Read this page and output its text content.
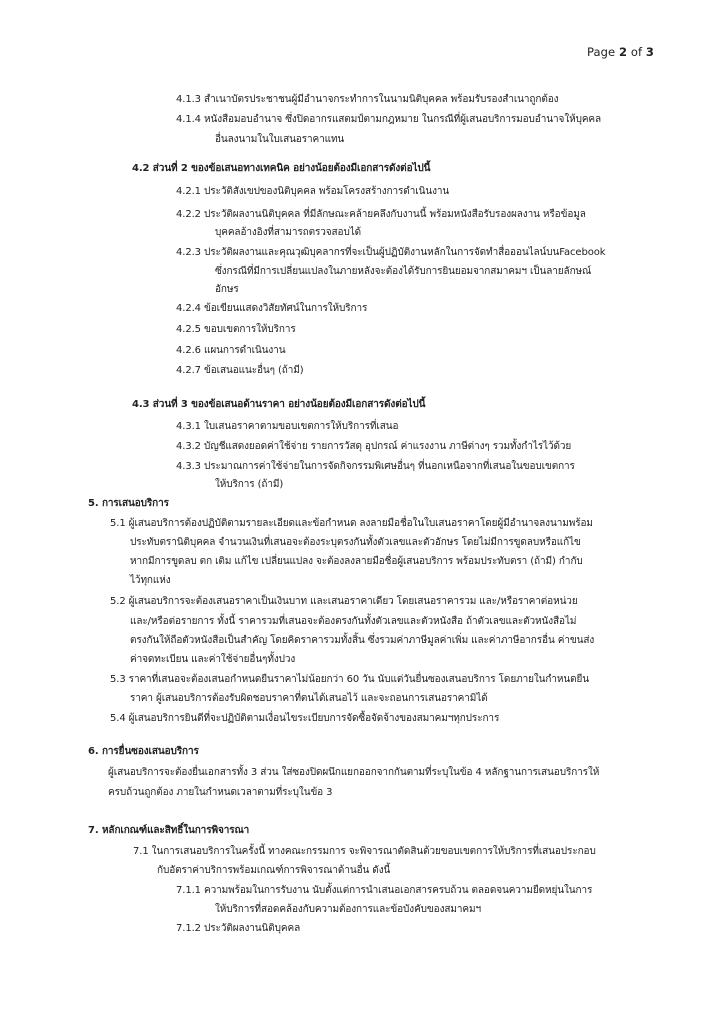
Page 2 of 3
4.1.3 สำเนาบัตรประชาชนผู้มีอำนาจกระทำการในนามนิติบุคคล พร้อมรับรองสำเนาถูกต้อง
4.1.4 หนังสือมอบอำนาจ ซึ่งปิดอากรแสตมป์ตามกฎหมาย ในกรณีที่ผู้เสนอบริการมอบอำนาจให้บุคคล
อื่นลงนามในใบเสนอราคาแทน
4.2 ส่วนที่ 2 ของข้อเสนอทางเทคนิค อย่างน้อยต้องมีเอกสารดังต่อไปนี้
4.2.1 ประวัติสังเขปของนิติบุคคล พร้อมโครงสร้างการดำเนินงาน
4.2.2 ประวัติผลงานนิติบุคคล ที่มีลักษณะคล้ายคลึงกับงานนี้ พร้อมหนังสือรับรองผลงาน หรือข้อมูล
บุคคลอ้างอิงที่สามารถตรวจสอบได้
4.2.3 ประวัติผลงานและคุณวุฒิบุคลากรที่จะเป็นผู้ปฏิบัติงานหลักในการจัดทำสื่อออนไลน์บนFacebook
ซึ่งกรณีที่มีการเปลี่ยนแปลงในภายหลังจะต้องได้รับการยินยอมจากสมาคมฯ เป็นลายลักษณ์
อักษร
4.2.4 ข้อเขียนแสดงวิสัยทัศน์ในการให้บริการ
4.2.5 ขอบเขตการให้บริการ
4.2.6 แผนการดำเนินงาน
4.2.7 ข้อเสนอแนะอื่นๆ (ถ้ามี)
4.3 ส่วนที่ 3 ของข้อเสนอด้านราคา อย่างน้อยต้องมีเอกสารดังต่อไปนี้
4.3.1 ใบเสนอราคาตามขอบเขตการให้บริการที่เสนอ
4.3.2 บัญชีแสดงยอดค่าใช้จ่าย รายการวัสดุ อุปกรณ์ ค่าแรงงาน ภาษีต่างๆ รวมทั้งกำไรไว้ด้วย
4.3.3 ประมาณการค่าใช้จ่ายในการจัดกิจกรรมพิเศษอื่นๆ ที่นอกเหนือจากที่เสนอในขอบเขตการ
ให้บริการ (ถ้ามี)
5. การเสนอบริการ
5.1 ผู้เสนอบริการต้องปฏิบัติตามรายละเอียดและข้อกำหนด ลงลายมือชื่อในใบเสนอราคาโดยผู้มีอำนาจลงนามพร้อม
ประทับตรานิติบุคคล จำนวนเงินที่เสนอจะต้องระบุตรงกันทั้งตัวเลขและตัวอักษร โดยไม่มีการขูดลบหรือแก้ไข
หากมีการขูดลบ ตก เติม แก้ไข เปลี่ยนแปลง จะต้องลงลายมือชื่อผู้เสนอบริการ พร้อมประทับตรา (ถ้ามี) กำกับ
ไว้ทุกแห่ง
5.2 ผู้เสนอบริการจะต้องเสนอราคาเป็นเงินบาท และเสนอราคาเดียว โดยเสนอราคารวม และ/หรือราคาต่อหน่วย
และ/หรือต่อรายการ ทั้งนี้ ราคารวมที่เสนอจะต้องตรงกันทั้งตัวเลขและตัวหนังสือ ถ้าตัวเลขและตัวหนังสือไม่
ตรงกันให้ถือตัวหนังสือเป็นสำคัญ โดยคิดราคารวมทั้งสิ้น ซึ่งรวมค่าภาษีมูลค่าเพิ่ม และค่าภาษีอากรอื่น ค่าขนส่ง
ค่าจดทะเบียน และค่าใช้จ่ายอื่นๆทั้งปวง
5.3 ราคาที่เสนอจะต้องเสนอกำหนดยืนราคาไม่น้อยกว่า 60 วัน นับแต่วันยื่นซองเสนอบริการ โดยภายในกำหนดยืน
ราคา ผู้เสนอบริการต้องรับผิดชอบราคาที่ตนได้เสนอไว้ และจะถอนการเสนอราคามิได้
5.4 ผู้เสนอบริการยินดีที่จะปฏิบัติตามเงื่อนไขระเบียบการจัดซื้อจัดจ้างของสมาคมฯทุกประการ
6. การยื่นซองเสนอบริการ
ผู้เสนอบริการจะต้องยื่นเอกสารทั้ง 3 ส่วน ใส่ซองปิดผนึกแยกออกจากกันตามที่ระบุในข้อ 4 หลักฐานการเสนอบริการให้
ครบถ้วนถูกต้อง ภายในกำหนดเวลาตามที่ระบุในข้อ 3
7. หลักเกณฑ์และสิทธิ์ในการพิจารณา
7.1 ในการเสนอบริการในครั้งนี้ ทางคณะกรรมการ จะพิจารณาตัดสินด้วยขอบเขตการให้บริการที่เสนอประกอบ
กับอัตราค่าบริการพร้อมเกณฑ์การพิจารณาด้านอื่น ดังนี้
7.1.1 ความพร้อมในการรับงาน นับตั้งแต่การนำเสนอเอกสารครบถ้วน ตลอดจนความยืดหยุ่นในการ
ให้บริการที่สอดคล้องกับความต้องการและข้อบังคับของสมาคมฯ
7.1.2 ประวัติผลงานนิติบุคคล
